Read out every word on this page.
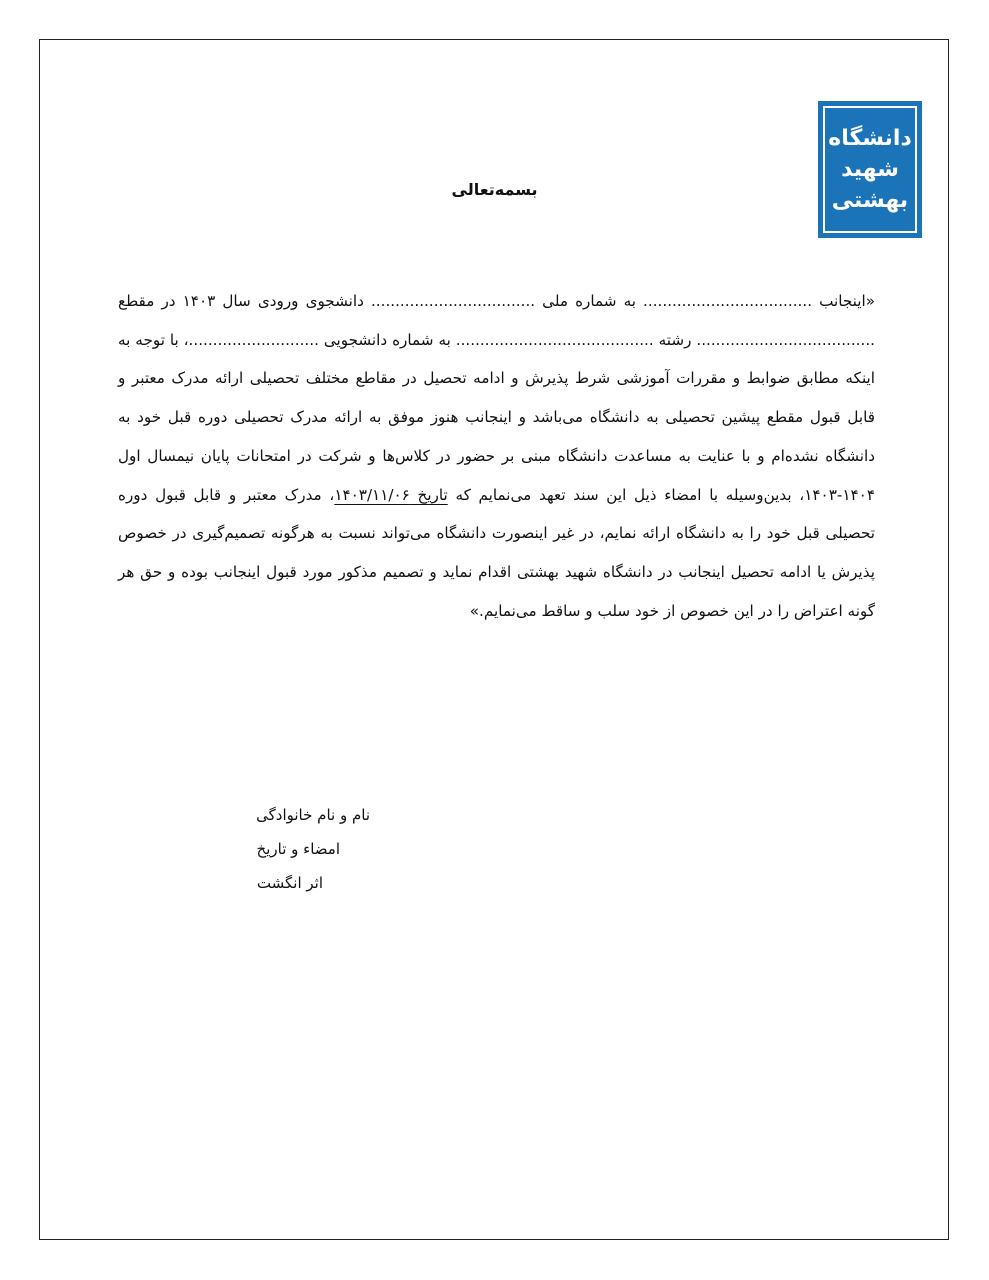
دانشگاه
شهید
بهشتی
بسمه‌تعالی

«اینجانب ................................... به شماره ملی .................................. دانشجوی ورودی سال ۱۴۰۳ در مقطع ..................................... رشته ......................................... به شماره دانشجویی ...........................، با توجه به اینکه مطابق ضوابط و مقررات آموزشی شرط پذیرش و ادامه تحصیل در مقاطع مختلف تحصیلی ارائه مدرک معتبر و قابل قبول مقطع پیشین تحصیلی به دانشگاه می‌باشد و اینجانب هنوز موفق به ارائه مدرک تحصیلی دوره قبل خود به دانشگاه نشده‌ام و با عنایت به مساعدت دانشگاه مبنی بر حضور در کلاس‌ها و شرکت در امتحانات پایان نیمسال اول ۱۴۰۴-۱۴۰۳، بدین‌وسیله با امضاء ذیل این سند تعهد می‌نمایم که تاریخ ۱۴۰۳/۱۱/۰۶، مدرک معتبر و قابل قبول دوره تحصیلی قبل خود را به دانشگاه ارائه نمایم، در غیر اینصورت دانشگاه می‌تواند نسبت به هرگونه تصمیم‌گیری در خصوص پذیرش یا ادامه تحصیل اینجانب در دانشگاه شهید بهشتی اقدام نماید و تصمیم مذکور مورد قبول اینجانب بوده و حق هر گونه اعتراض را در این خصوص از خود سلب و ساقط می‌نمایم.»

نام و نام خانوادگی
امضاء و تاریخ
اثر انگشت
